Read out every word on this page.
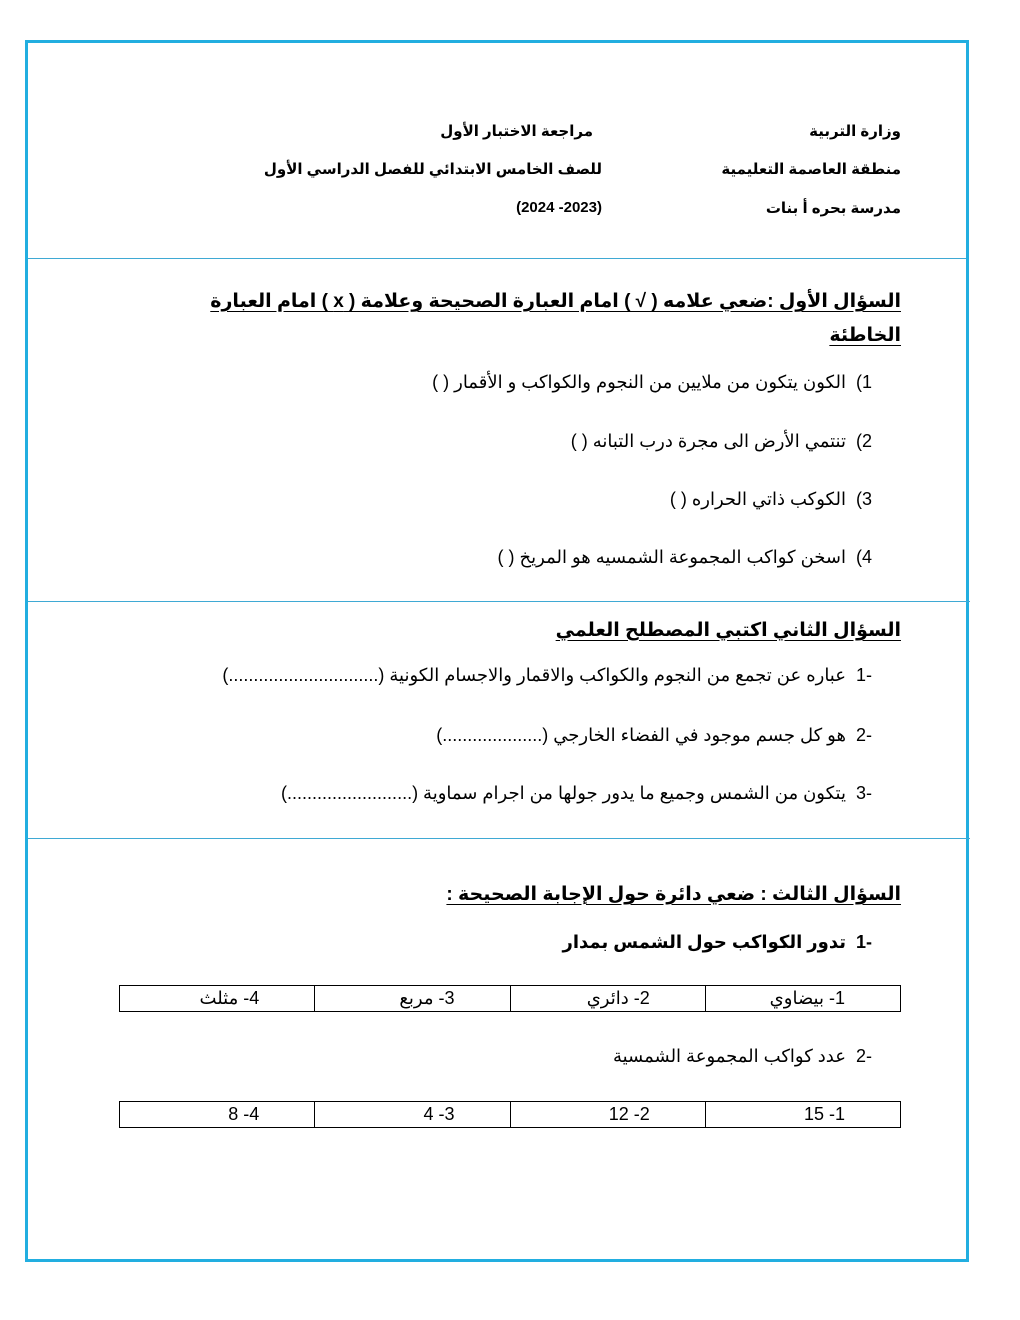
وزارة التربية
منطقة العاصمة التعليمية
مدرسة بحره أ بنات
مراجعة الاختبار الأول
للصف الخامس الابتدائي للفصل الدراسي الأول
(2023- 2024)
السؤال الأول :ضعي علامه ( √ ) امام العبارة الصحيحة وعلامة ( x ) امام العبارة
الخاطئة
1)الكون يتكون من ملايين من النجوم والكواكب و الأقمار ( )
2)تنتمي الأرض الى مجرة درب التبانه ( )
3)الكوكب ذاتي الحراره ( )
4)اسخن كواكب المجموعة الشمسيه هو المريخ ( )
السؤال الثاني اكتبي المصطلح العلمي
-1عباره عن تجمع من النجوم والكواكب والاقمار والاجسام الكونية (..............................)
-2هو كل جسم موجود في الفضاء الخارجي (....................)
-3يتكون من الشمس وجميع ما يدور جولها من اجرام سماوية (.........................)
السؤال الثالث : ضعي دائرة حول الإجابة الصحيحة :
-1تدور الكواكب حول الشمس بمدار
1- بيضاوي	2- دائري	3- مربع	4- مثلث
-2عدد كواكب المجموعة الشمسية
1- 15	2- 12	3- 4	4- 8
